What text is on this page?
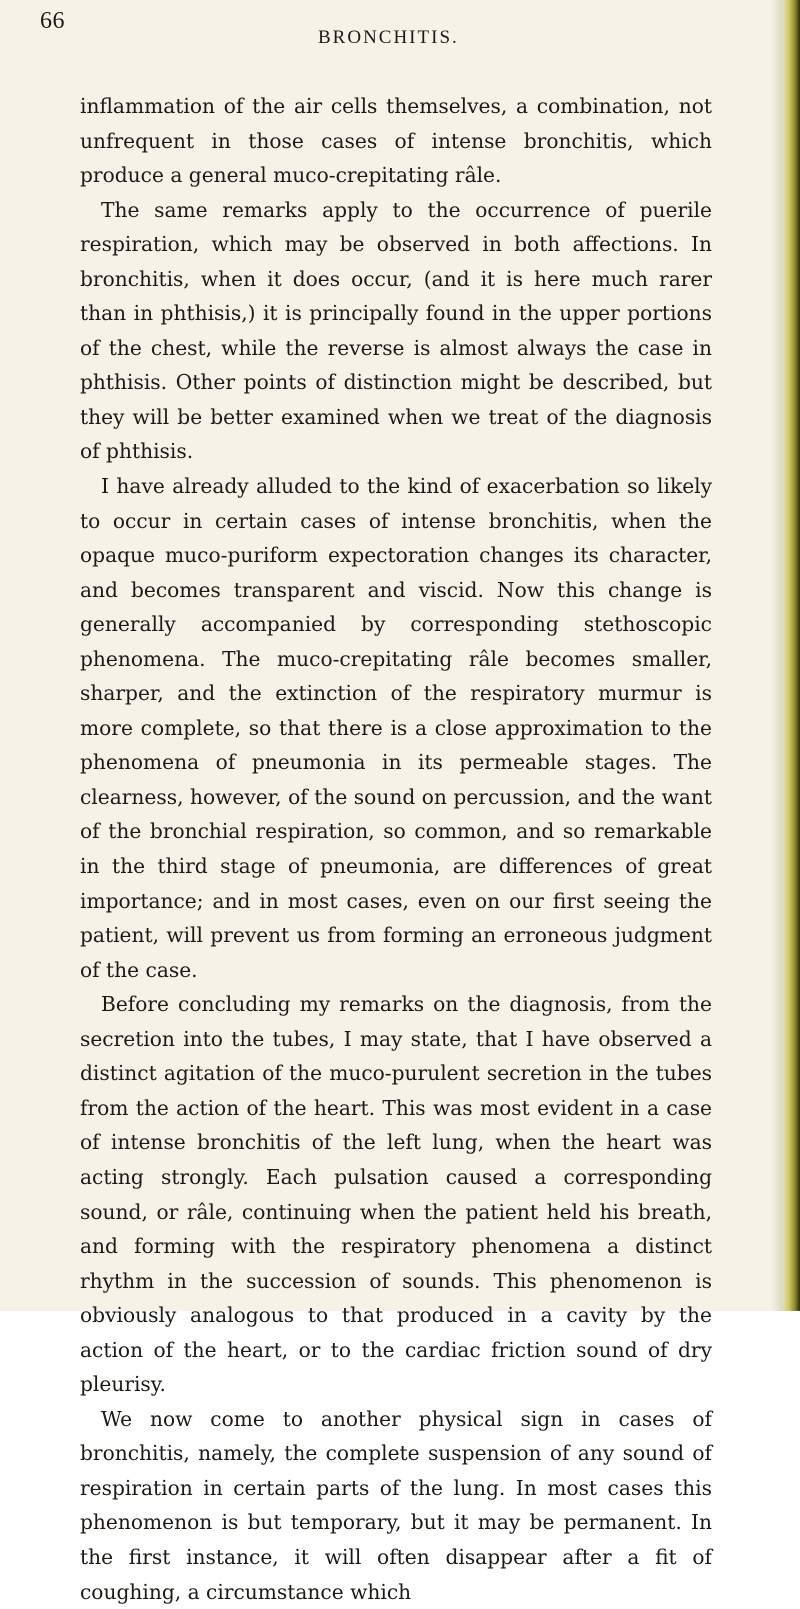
66
BRONCHITIS.

inflammation of the air cells themselves, a combination, not unfrequent in those cases of intense bronchitis, which produce a general muco-crepitating râle.

The same remarks apply to the occurrence of puerile respiration, which may be observed in both affections. In bronchitis, when it does occur, (and it is here much rarer than in phthisis,) it is principally found in the upper portions of the chest, while the reverse is almost always the case in phthisis. Other points of distinction might be described, but they will be better examined when we treat of the diagnosis of phthisis.

I have already alluded to the kind of exacerbation so likely to occur in certain cases of intense bronchitis, when the opaque muco-puriform expectoration changes its character, and becomes transparent and viscid. Now this change is generally accompanied by corresponding stethoscopic phenomena. The muco-crepitating râle becomes smaller, sharper, and the extinction of the respiratory murmur is more complete, so that there is a close approximation to the phenomena of pneumonia in its permeable stages. The clearness, however, of the sound on percussion, and the want of the bronchial respiration, so common, and so remarkable in the third stage of pneumonia, are differences of great importance; and in most cases, even on our first seeing the patient, will prevent us from forming an erroneous judgment of the case.

Before concluding my remarks on the diagnosis, from the secretion into the tubes, I may state, that I have observed a distinct agitation of the muco-purulent secretion in the tubes from the action of the heart. This was most evident in a case of intense bronchitis of the left lung, when the heart was acting strongly. Each pulsation caused a corresponding sound, or râle, continuing when the patient held his breath, and forming with the respiratory phenomena a distinct rhythm in the succession of sounds. This phenomenon is obviously analogous to that produced in a cavity by the action of the heart, or to the cardiac friction sound of dry pleurisy.

We now come to another physical sign in cases of bronchitis, namely, the complete suspension of any sound of respiration in certain parts of the lung. In most cases this phenomenon is but temporary, but it may be permanent. In the first instance, it will often disappear after a fit of coughing, a circumstance which
